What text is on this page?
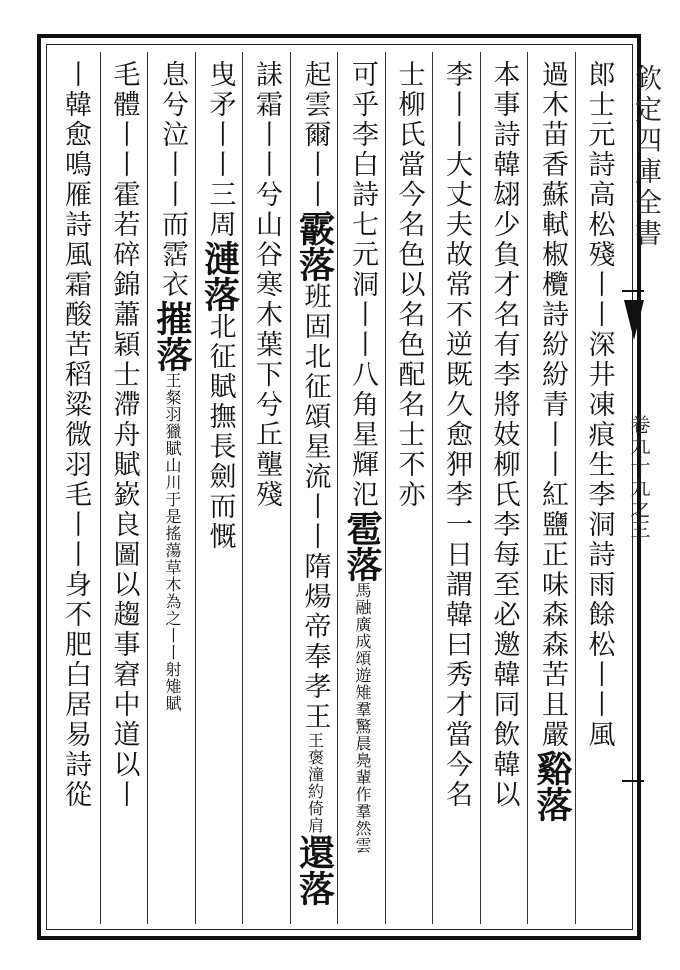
欽定四庫全書
卷九十九之三
郎士元詩高松殘丨丨深井凍痕生李洞詩雨餘松丨丨風
過木苗香蘇軾椒欖詩紛紛青丨丨紅鹽正味森森苦且嚴谿落
本事詩韓翃少負才名有李將妓柳氏李每至必邀韓同飲韓以
李丨丨大丈夫故常不逆既久愈狎李一日謂韓曰秀才當今名
士柳氏當今名色以名色配名士不亦
可乎李白詩七元洞丨丨八角星輝氾雹落馬融廣成頌遊雉羣驚晨鳧輩作羣然雲
起雲爾丨丨霰落班固北征頌星流丨丨隋煬帝奉孝王王褒潼約倚肩還落
誄霜丨丨兮山谷寒木葉下兮丘壟殘
曳矛丨丨三周漣落北征賦撫長劍而慨
息兮泣丨丨而霑衣摧落王粲羽獵賦山川于是搖蕩草木為之丨丨射雉賦
毛體丨丨霍若碎錦蕭穎士滯舟賦嶔良圖以趨事窘中道以丨
丨韓愈鳴雁詩風霜酸苦稻粱微羽毛丨丨身不肥白居易詩從
